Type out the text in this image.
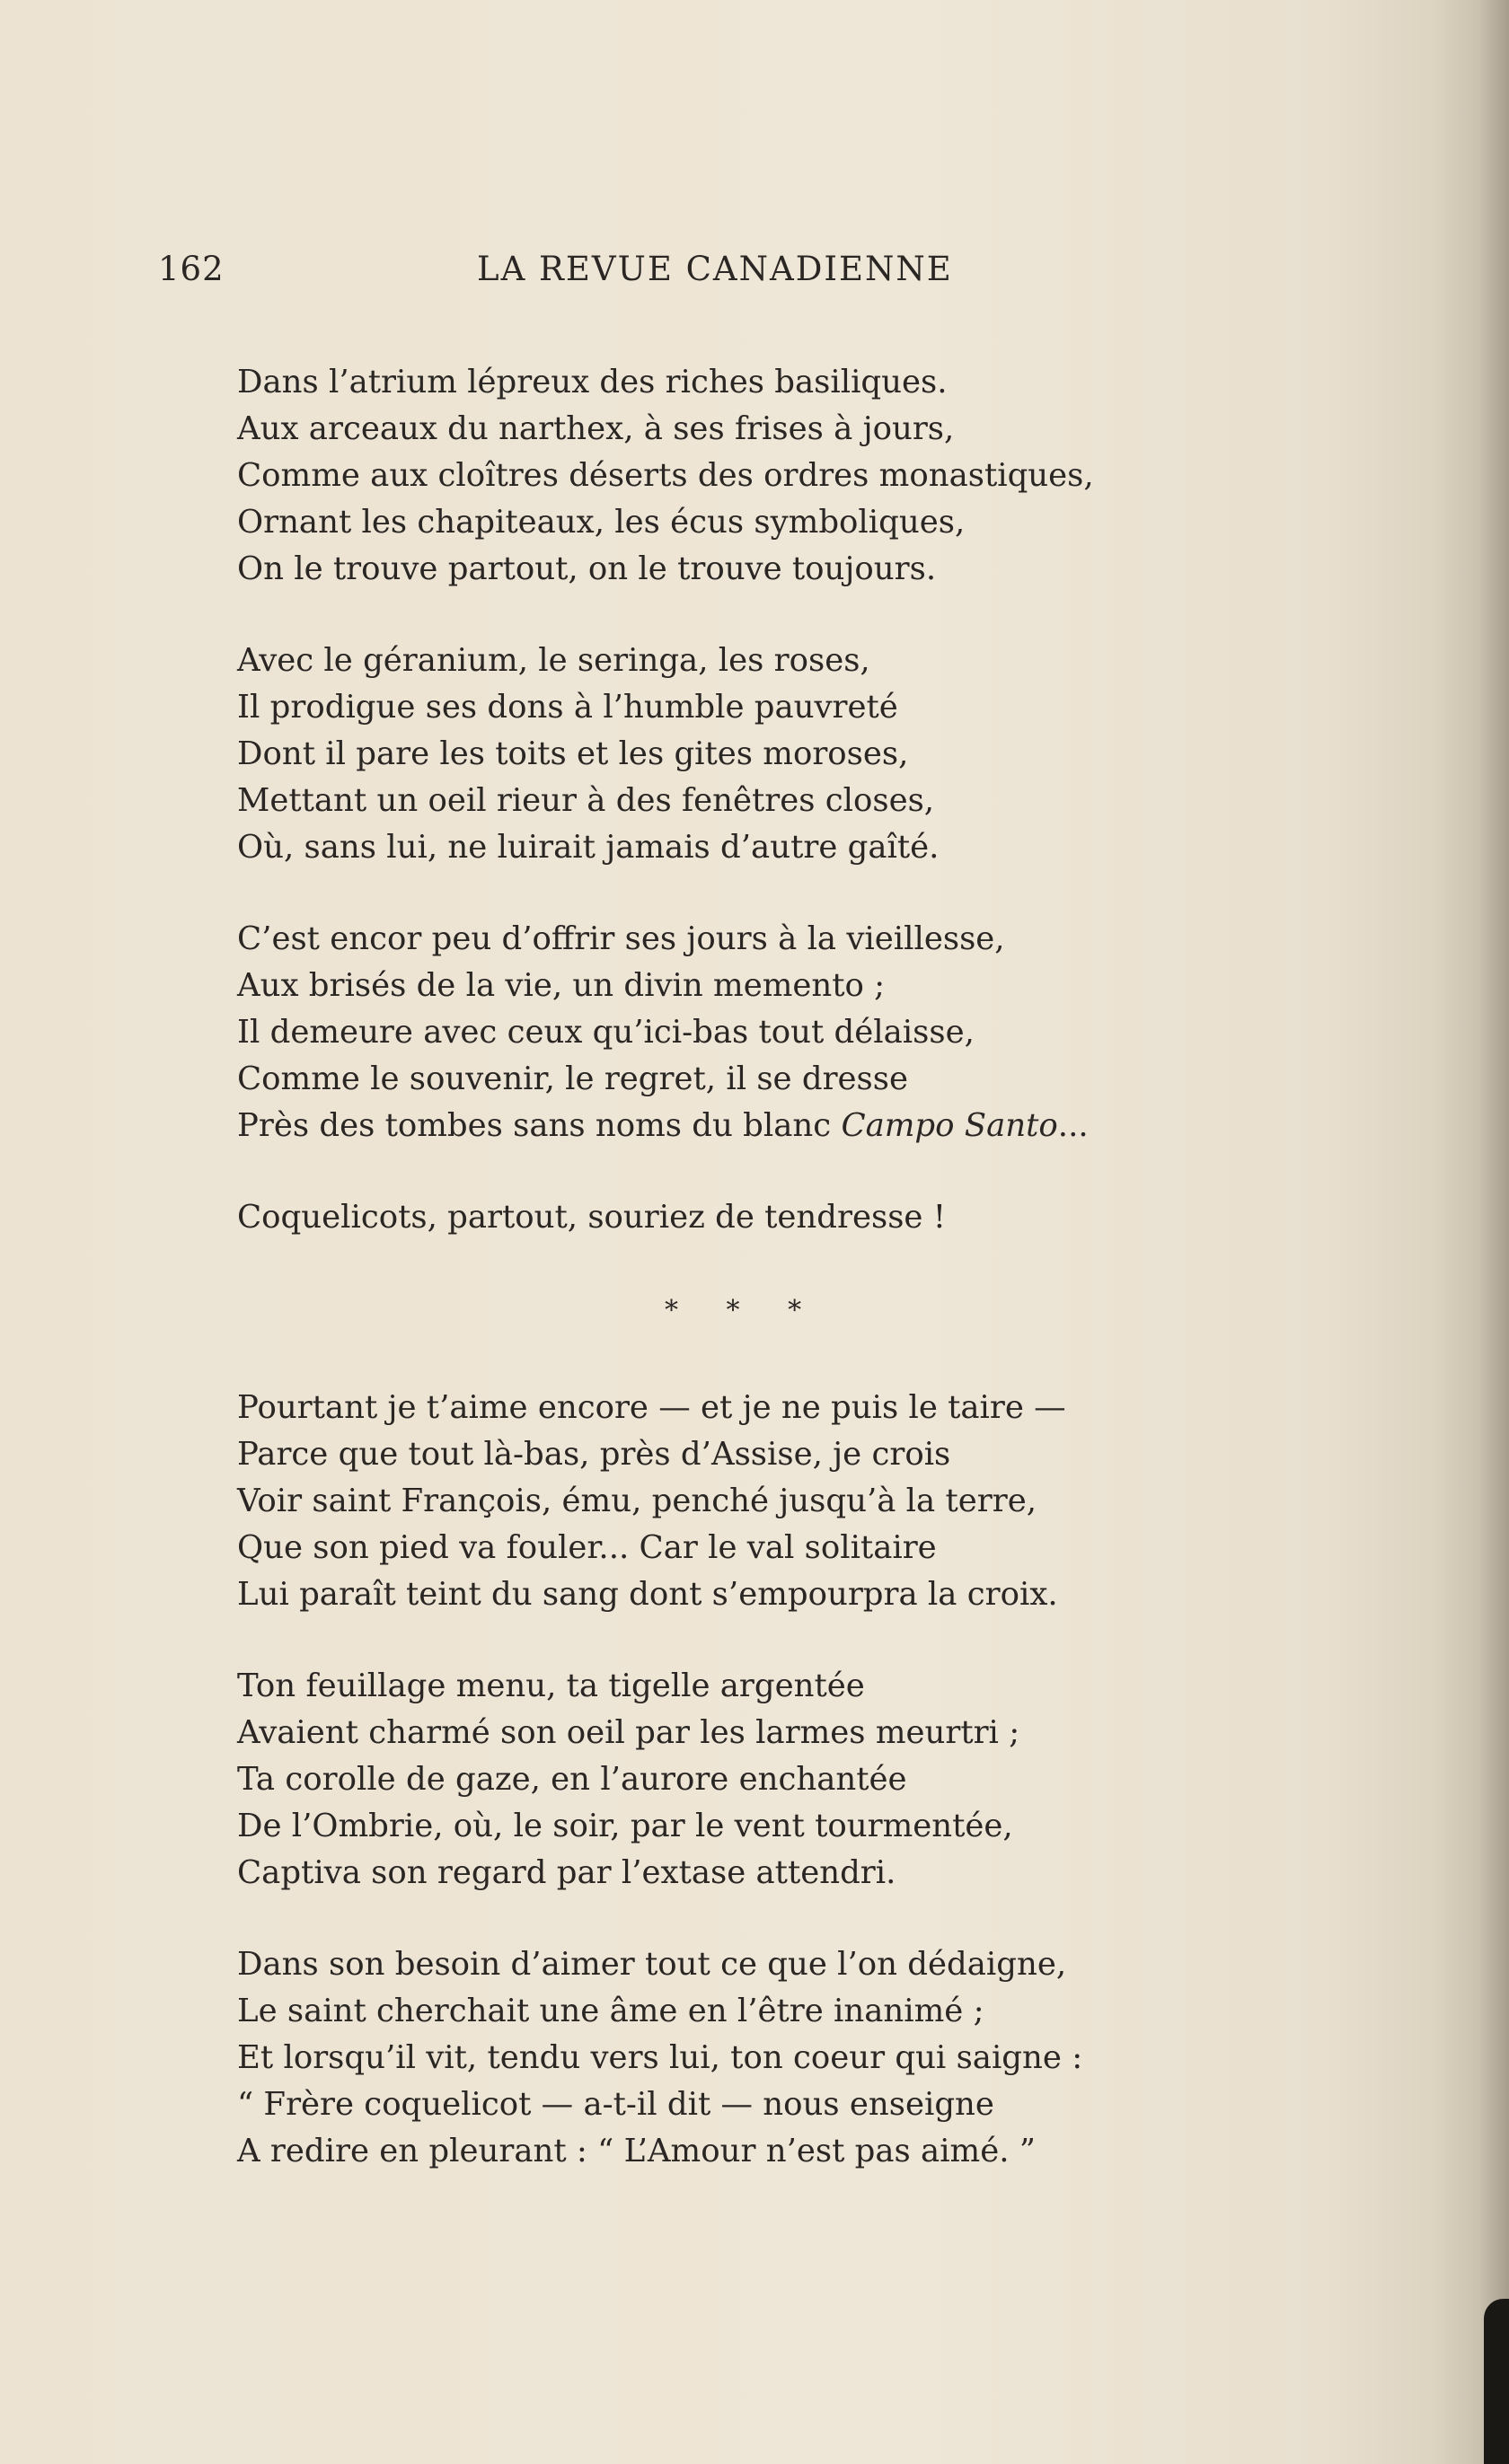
162	LA REVUE CANADIENNE
Dans l’atrium lépreux des riches basiliques.
Aux arceaux du narthex, à ses frises à jours,
Comme aux cloîtres déserts des ordres monastiques,
Ornant les chapiteaux, les écus symboliques,
On le trouve partout, on le trouve toujours.
Avec le géranium, le seringa, les roses,
Il prodigue ses dons à l’humble pauvreté
Dont il pare les toits et les gites moroses,
Mettant un oeil rieur à des fenêtres closes,
Où, sans lui, ne luirait jamais d’autre gaîté.
C’est encor peu d’offrir ses jours à la vieillesse,
Aux brisés de la vie, un divin memento ;
Il demeure avec ceux qu’ici-bas tout délaisse,
Comme le souvenir, le regret, il se dresse
Près des tombes sans noms du blanc Campo Santo...
Coquelicots, partout, souriez de tendresse !
* * *
Pourtant je t’aime encore — et je ne puis le taire —
Parce que tout là-bas, près d’Assise, je crois
Voir saint François, ému, penché jusqu’à la terre,
Que son pied va fouler... Car le val solitaire
Lui paraît teint du sang dont s’empourpra la croix.
Ton feuillage menu, ta tigelle argentée
Avaient charmé son oeil par les larmes meurtri ;
Ta corolle de gaze, en l’aurore enchantée
De l’Ombrie, où, le soir, par le vent tourmentée,
Captiva son regard par l’extase attendri.
Dans son besoin d’aimer tout ce que l’on dédaigne,
Le saint cherchait une âme en l’être inanimé ;
Et lorsqu’il vit, tendu vers lui, ton coeur qui saigne :
“ Frère coquelicot — a-t-il dit — nous enseigne
A redire en pleurant : “ L’Amour n’est pas aimé. ”
